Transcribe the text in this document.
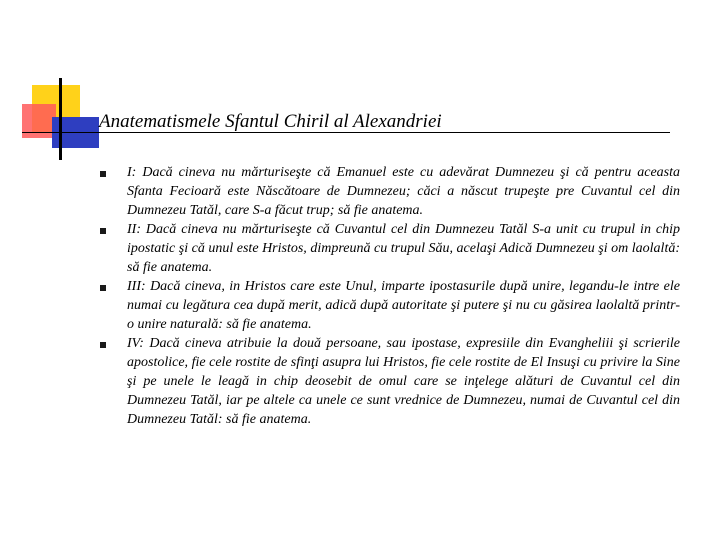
Anatematismele Sfantul Chiril al Alexandriei
I: Dacă cineva nu mărturiseşte că Emanuel este cu adevărat Dumnezeu şi că pentru aceasta Sfanta Fecioară este Născătoare de Dumnezeu; căci a născut trupeşte pre Cuvantul cel din Dumnezeu Tatăl, care S-a făcut trup; să fie anatema.
II: Dacă cineva nu mărturiseşte că Cuvantul cel din Dumnezeu Tatăl S-a unit cu trupul in chip ipostatic şi că unul este Hristos, dimpreună cu trupul Său, acelaşi Adică Dumnezeu şi om laolaltă: să fie anatema.
III: Dacă cineva, in Hristos care este Unul, imparte ipostasurile după unire, legandu-le intre ele numai cu legătura cea după merit, adică după autoritate şi putere şi nu cu găsirea laolaltă printr-o unire naturală: să fie anatema.
IV: Dacă cineva atribuie la două persoane, sau ipostase, expresiile din Evangheliii şi scrierile apostolice, fie cele rostite de sfinţi asupra lui Hristos, fie cele rostite de El Insuşi cu privire la Sine şi pe unele le leagă in chip deosebit de omul care se inţelege alături de Cuvantul cel din Dumnezeu Tatăl, iar pe altele ca unele ce sunt vrednice de Dumnezeu, numai de Cuvantul cel din Dumnezeu Tatăl: să fie anatema.
